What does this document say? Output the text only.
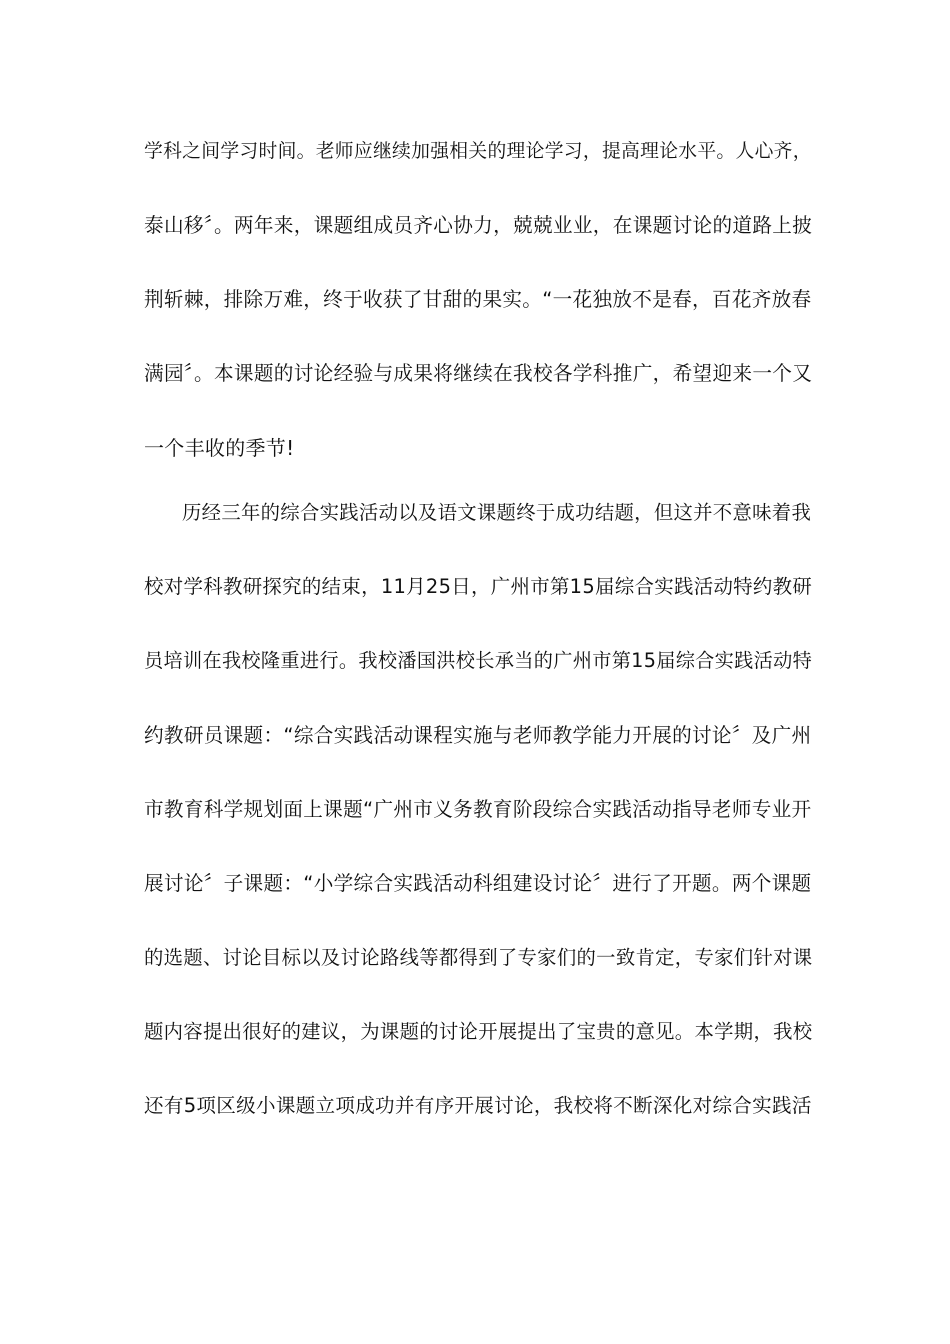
学科之间学习时间。老师应继续加强相关的理论学习，提高理论水平。人心齐，
泰山移〞。两年来，课题组成员齐心协力，兢兢业业，在课题讨论的道路上披
荆斩棘，排除万难，终于收获了甘甜的果实。“一花独放不是春，百花齐放春
满园〞。本课题的讨论经验与成果将继续在我校各学科推广，希望迎来一个又
一个丰收的季节!
历经三年的综合实践活动以及语文课题终于成功结题，但这并不意味着我
校对学科教研探究的结束，11月25日，广州市第15届综合实践活动特约教研
员培训在我校隆重进行。我校潘国洪校长承当的广州市第15届综合实践活动特
约教研员课题：“综合实践活动课程实施与老师教学能力开展的讨论〞及广州
市教育科学规划面上课题“广州市义务教育阶段综合实践活动指导老师专业开
展讨论〞子课题：“小学综合实践活动科组建设讨论〞进行了开题。两个课题
的选题、讨论目标以及讨论路线等都得到了专家们的一致肯定，专家们针对课
题内容提出很好的建议，为课题的讨论开展提出了宝贵的意见。本学期，我校
还有5项区级小课题立项成功并有序开展讨论，我校将不断深化对综合实践活
